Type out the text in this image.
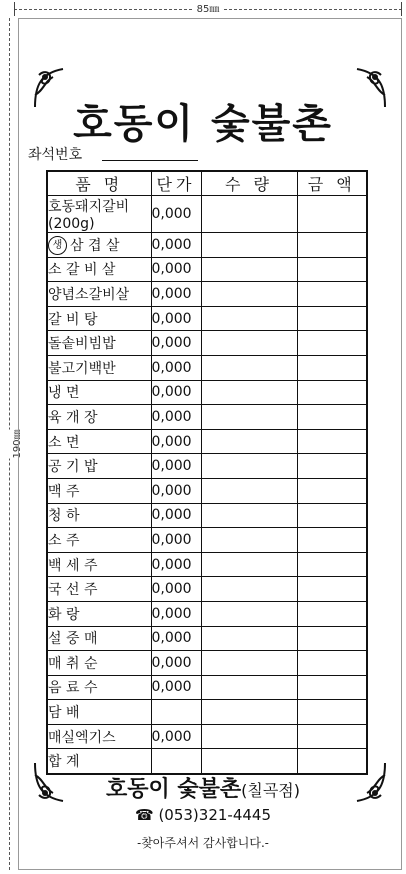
85㎜
190㎜
호동이 숯불촌
좌석번호
품 명	단가	수 량	금 액
호동돼지갈비(200g)	0,000		
생 삼 겹 살	0,000		
소 갈 비 살	0,000		
양념소갈비살	0,000		
갈 비 탕	0,000		
돌솥비빔밥	0,000		
불고기백반	0,000		
냉 면	0,000		
육 개 장	0,000		
소 면	0,000		
공 기 밥	0,000		
맥 주	0,000		
청 하	0,000		
소 주	0,000		
백 세 주	0,000		
국 선 주	0,000		
화 랑	0,000		
설 중 매	0,000		
매 취 순	0,000		
음 료 수	0,000		
담 배			
매실엑기스	0,000		
합 계			
호동이 숯불촌(칠곡점)
☎ (053)321-4445
-찾아주셔서 감사합니다.-
